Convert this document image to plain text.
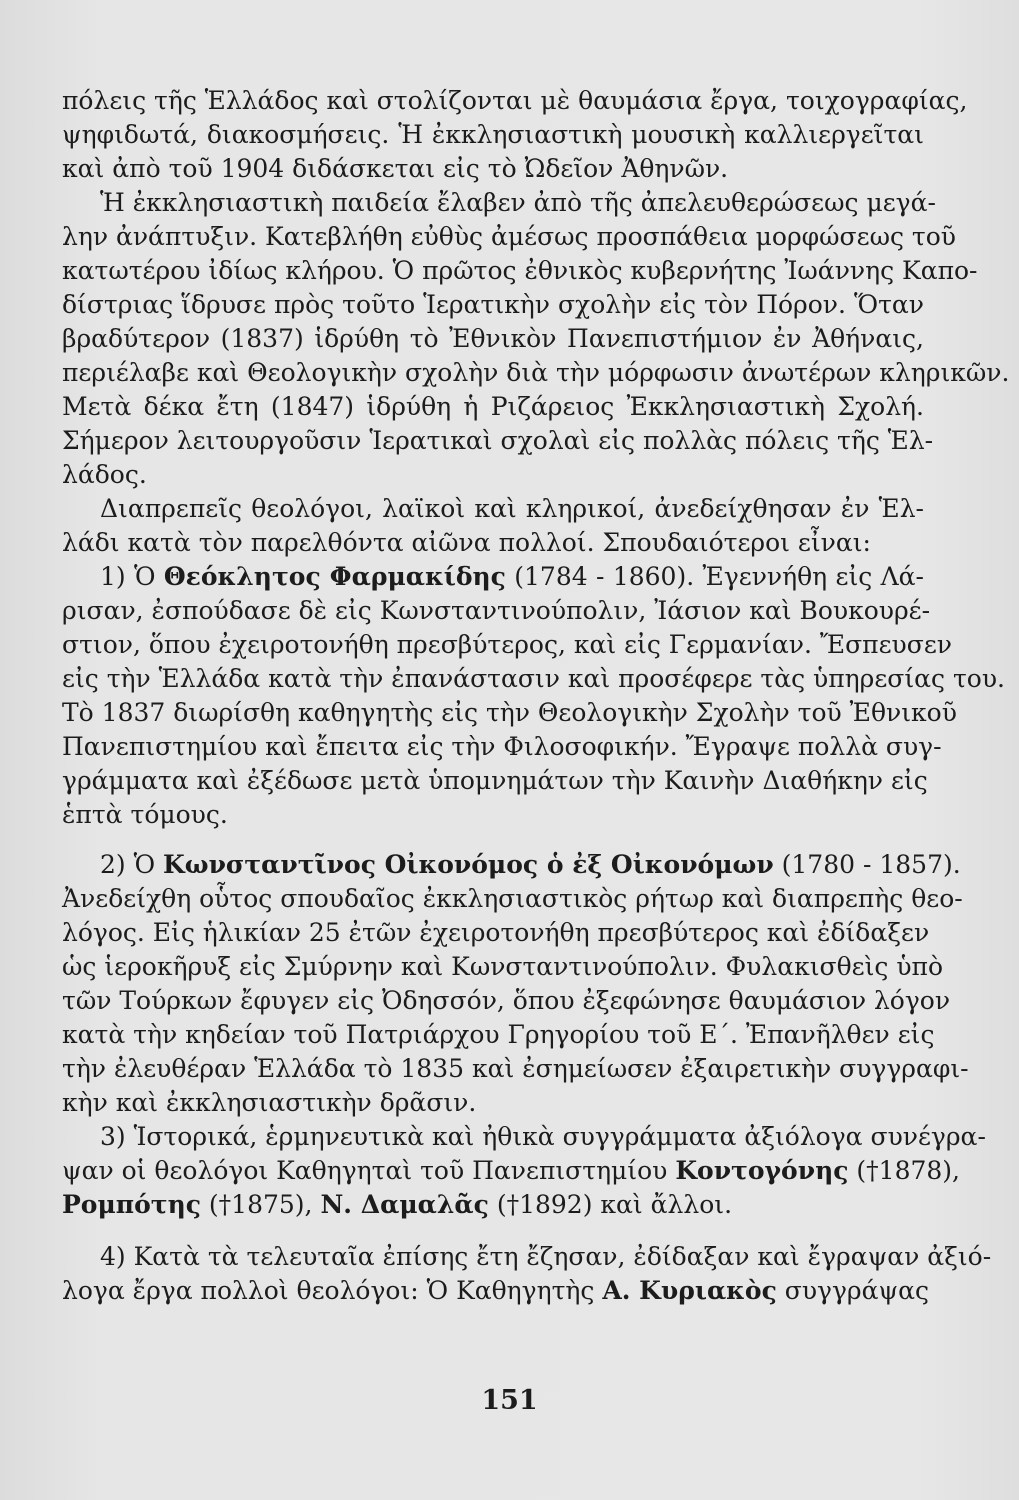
πόλεις τῆς Ἑλλάδος καὶ στολίζονται μὲ θαυμάσια ἔργα, τοιχογραφίας,
ψηφιδωτά, διακοσμήσεις. Ἡ ἐκκλησιαστικὴ μουσικὴ καλλιεργεῖται
καὶ ἀπὸ τοῦ 1904 διδάσκεται εἰς τὸ Ὠδεῖον Ἀθηνῶν.
Ἡ ἐκκλησιαστικὴ παιδεία ἔλαβεν ἀπὸ τῆς ἀπελευθερώσεως μεγά-
λην ἀνάπτυξιν. Κατεβλήθη εὐθὺς ἀμέσως προσπάθεια μορφώσεως τοῦ
κατωτέρου ἰδίως κλήρου. Ὁ πρῶτος ἐθνικὸς κυβερνήτης Ἰωάννης Καπο-
δίστριας ἵδρυσε πρὸς τοῦτο Ἱερατικὴν σχολὴν εἰς τὸν Πόρον. Ὅταν
βραδύτερον (1837) ἱδρύθη τὸ Ἐθνικὸν Πανεπιστήμιον ἐν Ἀθήναις,
περιέλαβε καὶ Θεολογικὴν σχολὴν διὰ τὴν μόρφωσιν ἀνωτέρων κληρικῶν.
Μετὰ δέκα ἔτη (1847) ἱδρύθη ἡ Ριζάρειος Ἐκκλησιαστικὴ Σχολή.
Σήμερον λειτουργοῦσιν Ἱερατικαὶ σχολαὶ εἰς πολλὰς πόλεις τῆς Ἑλ-
λάδος.
Διαπρεπεῖς θεολόγοι, λαϊκοὶ καὶ κληρικοί, ἀνεδείχθησαν ἐν Ἑλ-
λάδι κατὰ τὸν παρελθόντα αἰῶνα πολλοί. Σπουδαιότεροι εἶναι:
1) Ὁ Θεόκλητος Φαρμακίδης (1784 - 1860). Ἐγεννήθη εἰς Λά-
ρισαν, ἐσπούδασε δὲ εἰς Κωνσταντινούπολιν, Ἰάσιον καὶ Βουκουρέ-
στιον, ὅπου ἐχειροτονήθη πρεσβύτερος, καὶ εἰς Γερμανίαν. Ἔσπευσεν
εἰς τὴν Ἑλλάδα κατὰ τὴν ἐπανάστασιν καὶ προσέφερε τὰς ὑπηρεσίας του.
Τὸ 1837 διωρίσθη καθηγητὴς εἰς τὴν Θεολογικὴν Σχολὴν τοῦ Ἐθνικοῦ
Πανεπιστημίου καὶ ἔπειτα εἰς τὴν Φιλοσοφικήν. Ἔγραψε πολλὰ συγ-
γράμματα καὶ ἐξέδωσε μετὰ ὑπομνημάτων τὴν Καινὴν Διαθήκην εἰς
ἑπτὰ τόμους.
2) Ὁ Κωνσταντῖνος Οἰκονόμος ὁ ἐξ Οἰκονόμων (1780 - 1857).
Ἀνεδείχθη οὗτος σπουδαῖος ἐκκλησιαστικὸς ρήτωρ καὶ διαπρεπὴς θεο-
λόγος. Εἰς ἡλικίαν 25 ἐτῶν ἐχειροτονήθη πρεσβύτερος καὶ ἐδίδαξεν
ὡς ἱεροκῆρυξ εἰς Σμύρνην καὶ Κωνσταντινούπολιν. Φυλακισθεὶς ὑπὸ
τῶν Τούρκων ἔφυγεν εἰς Ὀδησσόν, ὅπου ἐξεφώνησε θαυμάσιον λόγον
κατὰ τὴν κηδείαν τοῦ Πατριάρχου Γρηγορίου τοῦ Ε΄. Ἐπανῆλθεν εἰς
τὴν ἐλευθέραν Ἑλλάδα τὸ 1835 καὶ ἐσημείωσεν ἐξαιρετικὴν συγγραφι-
κὴν καὶ ἐκκλησιαστικὴν δρᾶσιν.
3) Ἱστορικά, ἑρμηνευτικὰ καὶ ἠθικὰ συγγράμματα ἀξιόλογα συνέγρα-
ψαν οἱ θεολόγοι Καθηγηταὶ τοῦ Πανεπιστημίου Κοντογόνης (†1878),
Ρομπότης (†1875), Ν. Δαμαλᾶς (†1892) καὶ ἄλλοι.
4) Κατὰ τὰ τελευταῖα ἐπίσης ἔτη ἔζησαν, ἐδίδαξαν καὶ ἔγραψαν ἀξιό-
λογα ἔργα πολλοὶ θεολόγοι: Ὁ Καθηγητὴς Α. Κυριακὸς συγγράψας
151
